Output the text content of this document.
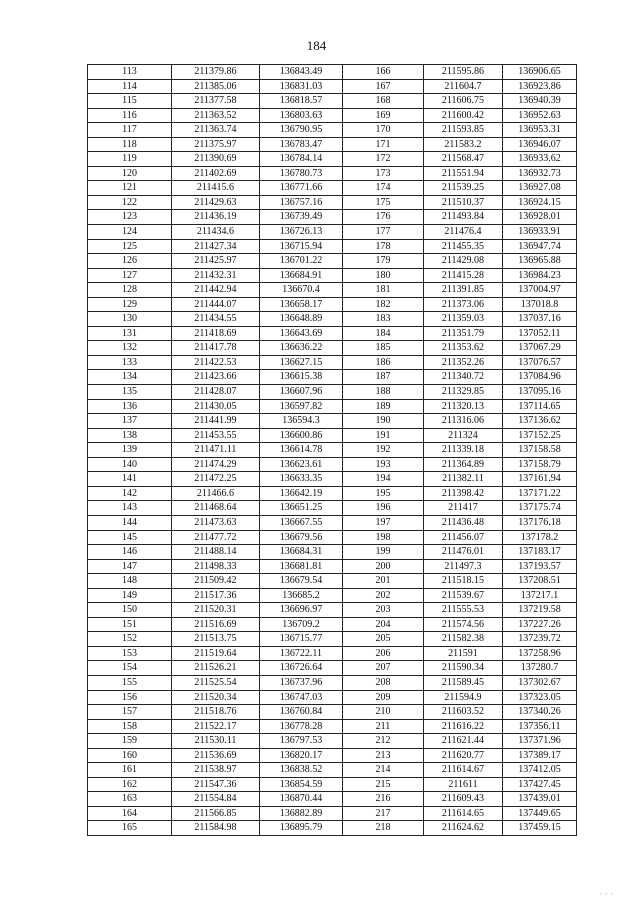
184
113	211379.86	136843.49	166	211595.86	136906.65
114	211385.06	136831.03	167	211604.7	136923.86
115	211377.58	136818.57	168	211606.75	136940.39
116	211363.52	136803.63	169	211600.42	136952.63
117	211363.74	136790.95	170	211593.85	136953.31
118	211375.97	136783.47	171	211583.2	136946.07
119	211390.69	136784.14	172	211568.47	136933.62
120	211402.69	136780.73	173	211551.94	136932.73
121	211415.6	136771.66	174	211539.25	136927.08
122	211429.63	136757.16	175	211510.37	136924.15
123	211436.19	136739.49	176	211493.84	136928.01
124	211434.6	136726.13	177	211476.4	136933.91
125	211427.34	136715.94	178	211455.35	136947.74
126	211425.97	136701.22	179	211429.08	136965.88
127	211432.31	136684.91	180	211415.28	136984.23
128	211442.94	136670.4	181	211391.85	137004.97
129	211444.07	136658.17	182	211373.06	137018.8
130	211434.55	136648.89	183	211359.03	137037.16
131	211418.69	136643.69	184	211351.79	137052.11
132	211417.78	136636.22	185	211353.62	137067.29
133	211422.53	136627.15	186	211352.26	137076.57
134	211423.66	136615.38	187	211340.72	137084.96
135	211428.07	136607.96	188	211329.85	137095.16
136	211430.05	136597.82	189	211320.13	137114.65
137	211441.99	136594.3	190	211316.06	137136.62
138	211453.55	136600.86	191	211324	137152.25
139	211471.11	136614.78	192	211339.18	137158.58
140	211474.29	136623.61	193	211364.89	137158.79
141	211472.25	136633.35	194	211382.11	137161.94
142	211466.6	136642.19	195	211398.42	137171.22
143	211468.64	136651.25	196	211417	137175.74
144	211473.63	136667.55	197	211436.48	137176.18
145	211477.72	136679.56	198	211456.07	137178.2
146	211488.14	136684.31	199	211476.01	137183.17
147	211498.33	136681.81	200	211497.3	137193.57
148	211509.42	136679.54	201	211518.15	137208.51
149	211517.36	136685.2	202	211539.67	137217.1
150	211520.31	136696.97	203	211555.53	137219.58
151	211516.69	136709.2	204	211574.56	137227.26
152	211513.75	136715.77	205	211582.38	137239.72
153	211519.64	136722.11	206	211591	137258.96
154	211526.21	136726.64	207	211590.34	137280.7
155	211525.54	136737.96	208	211589.45	137302.67
156	211520.34	136747.03	209	211594.9	137323.05
157	211518.76	136760.84	210	211603.52	137340.26
158	211522.17	136778.28	211	211616.22	137356.11
159	211530.11	136797.53	212	211621.44	137371.96
160	211536.69	136820.17	213	211620.77	137389.17
161	211538.97	136838.52	214	211614.67	137412.05
162	211547.36	136854.59	215	211611	137427.45
163	211554.84	136870.44	216	211609.43	137439.01
164	211566.85	136882.89	217	211614.65	137449.65
165	211584.98	136895.79	218	211624.62	137459.15
· · ·
